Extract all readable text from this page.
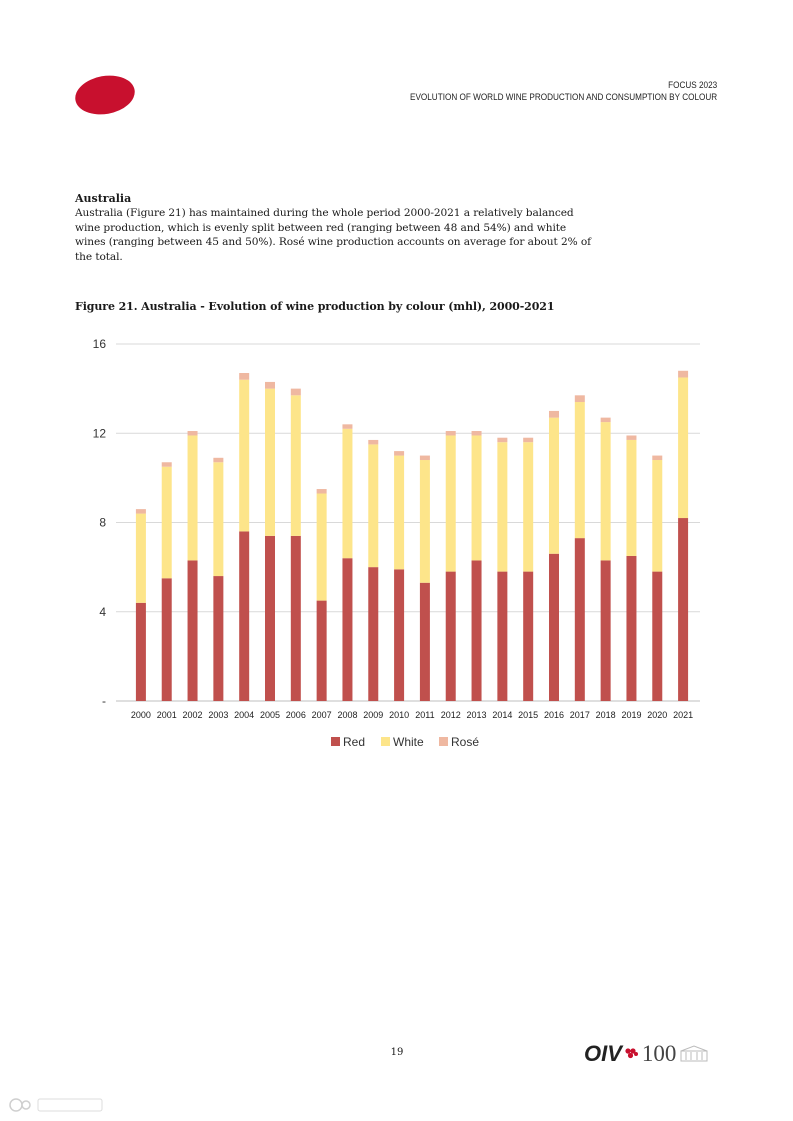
FOCUS 2023
EVOLUTION OF WORLD WINE PRODUCTION AND CONSUMPTION BY COLOUR
Australia

Australia (Figure 21) has maintained during the whole period 2000-2021 a relatively balanced wine production, which is evenly split between red (ranging between 48 and 54%) and white wines (ranging between 45 and 50%). Rosé wine production accounts on average for about 2% of the total.

Figure 21. Australia - Evolution of wine production by colour (mhl), 2000-2021
-
4
8
12
16
2000 2001 2002 2003 2004 2005 2006 2007 2008 2009 2010 2011 2012 2013 2014 2015 2016 2017 2018 2019 2020 2021
Red White Rosé
19	OIV 100
